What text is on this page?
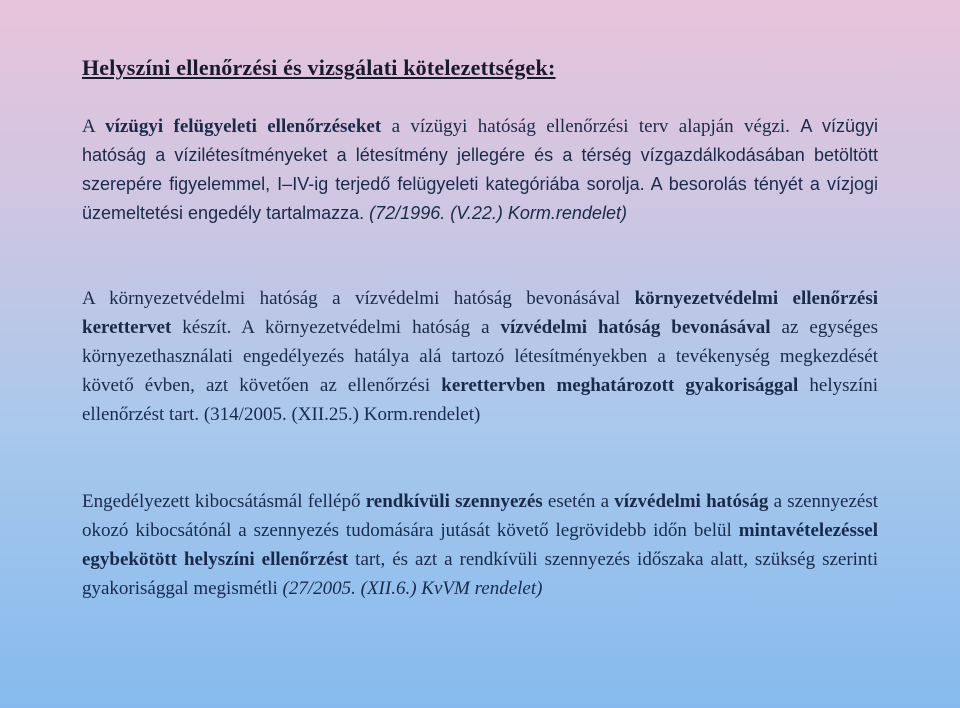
Helyszíni ellenőrzési és vizsgálati kötelezettségek:

A vízügyi felügyeleti ellenőrzéseket a vízügyi hatóság ellenőrzési terv alapján végzi. A vízügyi hatóság a vízilétesítményeket a létesítmény jellegére és a térség vízgazdálkodásában betöltött szerepére figyelemmel, I–IV-ig terjedő felügyeleti kategóriába sorolja. A besorolás tényét a vízjogi üzemeltetési engedély tartalmazza. (72/1996. (V.22.) Korm.rendelet)

A környezetvédelmi hatóság a vízvédelmi hatóság bevonásával környezetvédelmi ellenőrzési kerettervet készít. A környezetvédelmi hatóság a vízvédelmi hatóság bevonásával az egységes környezethasználati engedélyezés hatálya alá tartozó létesítményekben a tevékenység megkezdését követő évben, azt követően az ellenőrzési kerettervben meghatározott gyakorisággal helyszíni ellenőrzést tart. (314/2005. (XII.25.) Korm.rendelet)

Engedélyezett kibocsátásmál fellépő rendkívüli szennyezés esetén a vízvédelmi hatóság a szennyezést okozó kibocsátónál a szennyezés tudomására jutását követő legrövidebb időn belül mintavételezéssel egybekötött helyszíni ellenőrzést tart, és azt a rendkívüli szennyezés időszaka alatt, szükség szerinti gyakorisággal megismétli (27/2005. (XII.6.) KvVM rendelet)
